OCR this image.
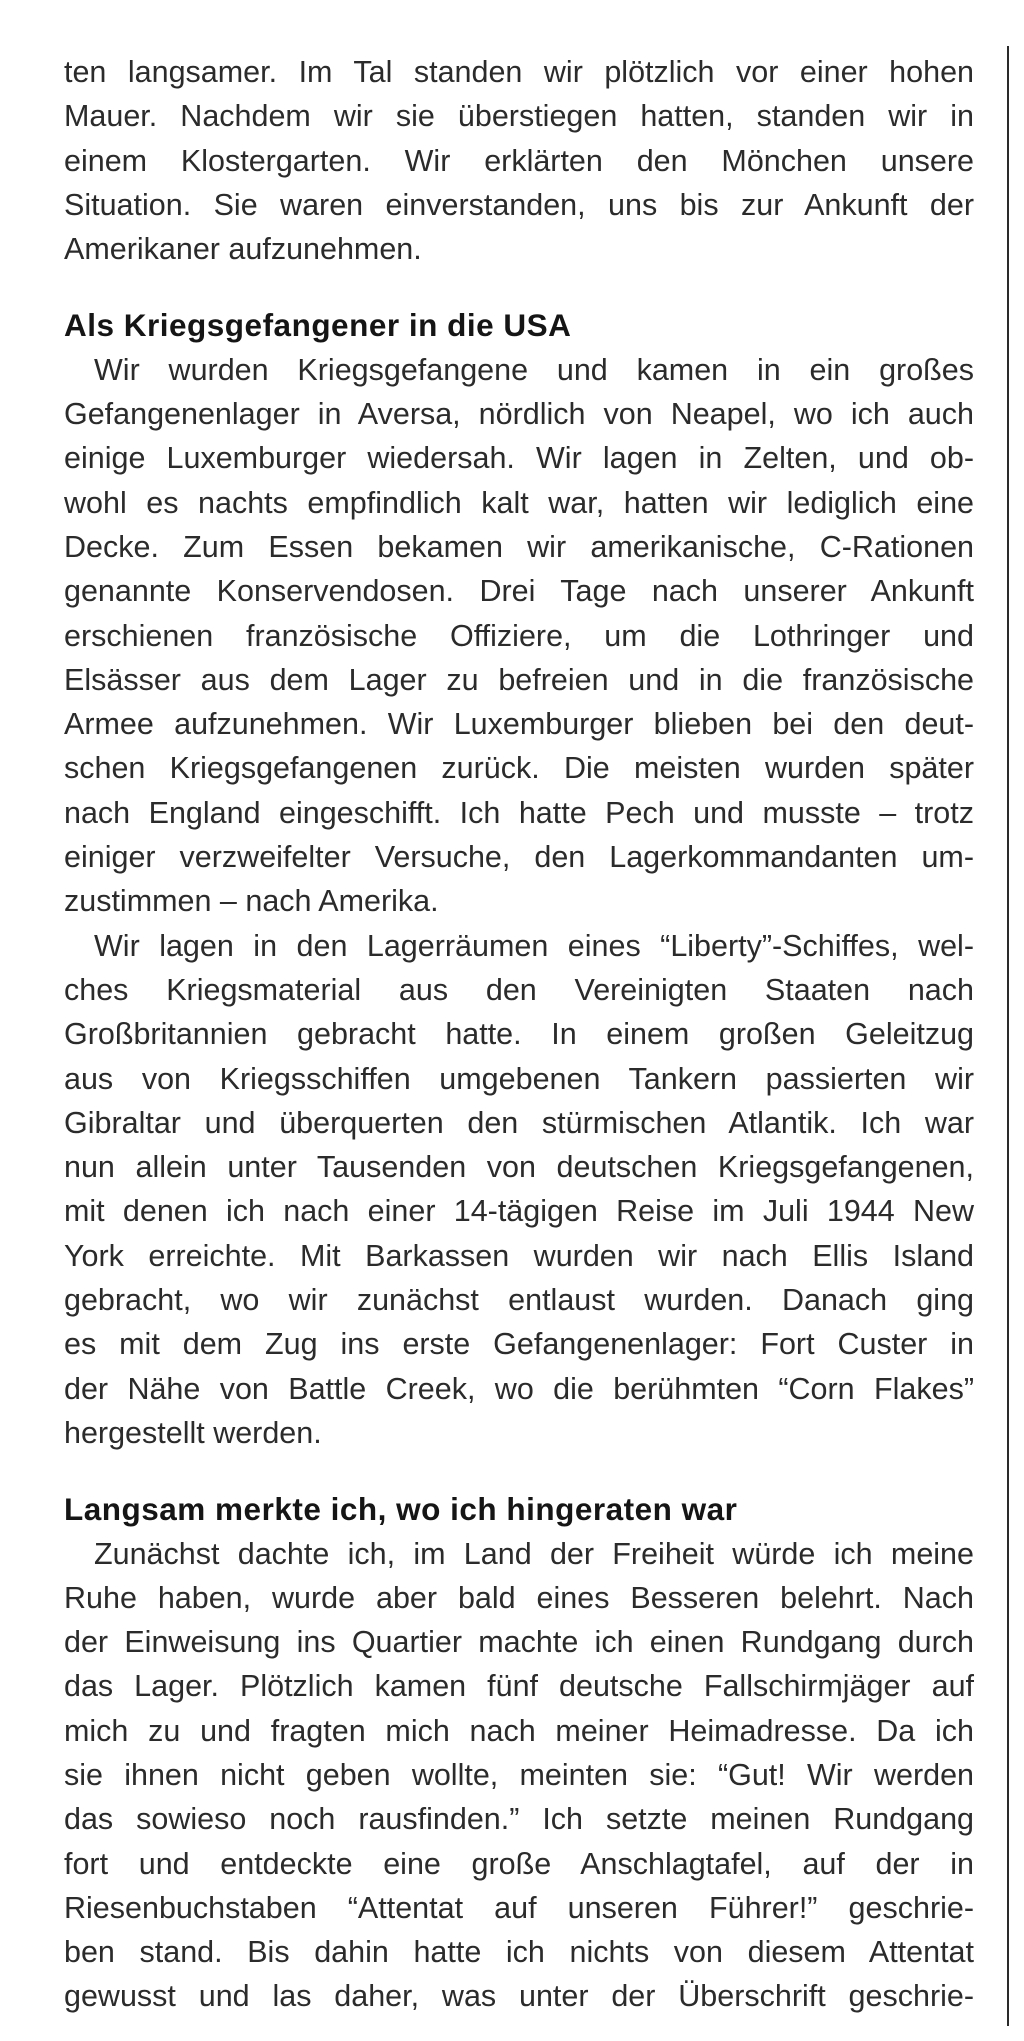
ten langsamer. Im Tal standen wir plötzlich vor einer hohen
Mauer. Nachdem wir sie überstiegen hatten, standen wir in
einem Klostergarten. Wir erklärten den Mönchen unsere
Situation. Sie waren einverstanden, uns bis zur Ankunft der
Amerikaner aufzunehmen.
Als Kriegsgefangener in die USA
Wir wurden Kriegsgefangene und kamen in ein großes
Gefangenenlager in Aversa, nördlich von Neapel, wo ich auch
einige Luxemburger wiedersah. Wir lagen in Zelten, und ob-
wohl es nachts empfindlich kalt war, hatten wir lediglich eine
Decke. Zum Essen bekamen wir amerikanische, C-Rationen
genannte Konservendosen. Drei Tage nach unserer Ankunft
erschienen französische Offiziere, um die Lothringer und
Elsässer aus dem Lager zu befreien und in die französische
Armee aufzunehmen. Wir Luxemburger blieben bei den deut-
schen Kriegsgefangenen zurück. Die meisten wurden später
nach England eingeschifft. Ich hatte Pech und musste – trotz
einiger verzweifelter Versuche, den Lagerkommandanten um-
zustimmen – nach Amerika.
Wir lagen in den Lagerräumen eines “Liberty”-Schiffes, wel-
ches Kriegsmaterial aus den Vereinigten Staaten nach
Großbritannien gebracht hatte. In einem großen Geleitzug
aus von Kriegsschiffen umgebenen Tankern passierten wir
Gibraltar und überquerten den stürmischen Atlantik. Ich war
nun allein unter Tausenden von deutschen Kriegsgefangenen,
mit denen ich nach einer 14-tägigen Reise im Juli 1944 New
York erreichte. Mit Barkassen wurden wir nach Ellis Island
gebracht, wo wir zunächst entlaust wurden. Danach ging
es mit dem Zug ins erste Gefangenenlager: Fort Custer in
der Nähe von Battle Creek, wo die berühmten “Corn Flakes”
hergestellt werden.
Langsam merkte ich, wo ich hingeraten war
Zunächst dachte ich, im Land der Freiheit würde ich meine
Ruhe haben, wurde aber bald eines Besseren belehrt. Nach
der Einweisung ins Quartier machte ich einen Rundgang durch
das Lager. Plötzlich kamen fünf deutsche Fallschirmjäger auf
mich zu und fragten mich nach meiner Heimadresse. Da ich
sie ihnen nicht geben wollte, meinten sie: “Gut! Wir werden
das sowieso noch rausfinden.” Ich setzte meinen Rundgang
fort und entdeckte eine große Anschlagtafel, auf der in
Riesenbuchstaben “Attentat auf unseren Führer!” geschrie-
ben stand. Bis dahin hatte ich nichts von diesem Attentat
gewusst und las daher, was unter der Überschrift geschrie-
